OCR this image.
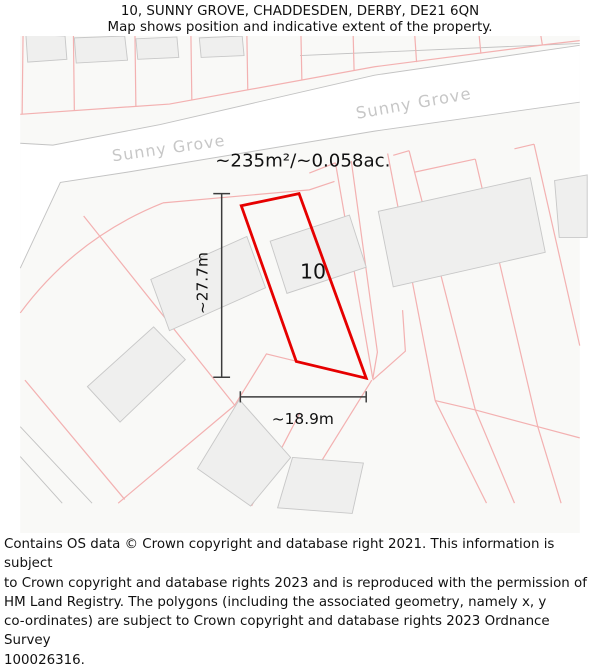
10, SUNNY GROVE, CHADDESDEN, DERBY, DE21 6QN
Map shows position and indicative extent of the property.
Sunny Grove
Sunny Grove
~235m²/~0.058ac.
10
~27.7m
~18.9m
Contains OS data © Crown copyright and database right 2021. This information is subject
to Crown copyright and database rights 2023 and is reproduced with the permission of
HM Land Registry. The polygons (including the associated geometry, namely x, y
co-ordinates) are subject to Crown copyright and database rights 2023 Ordnance Survey
100026316.
